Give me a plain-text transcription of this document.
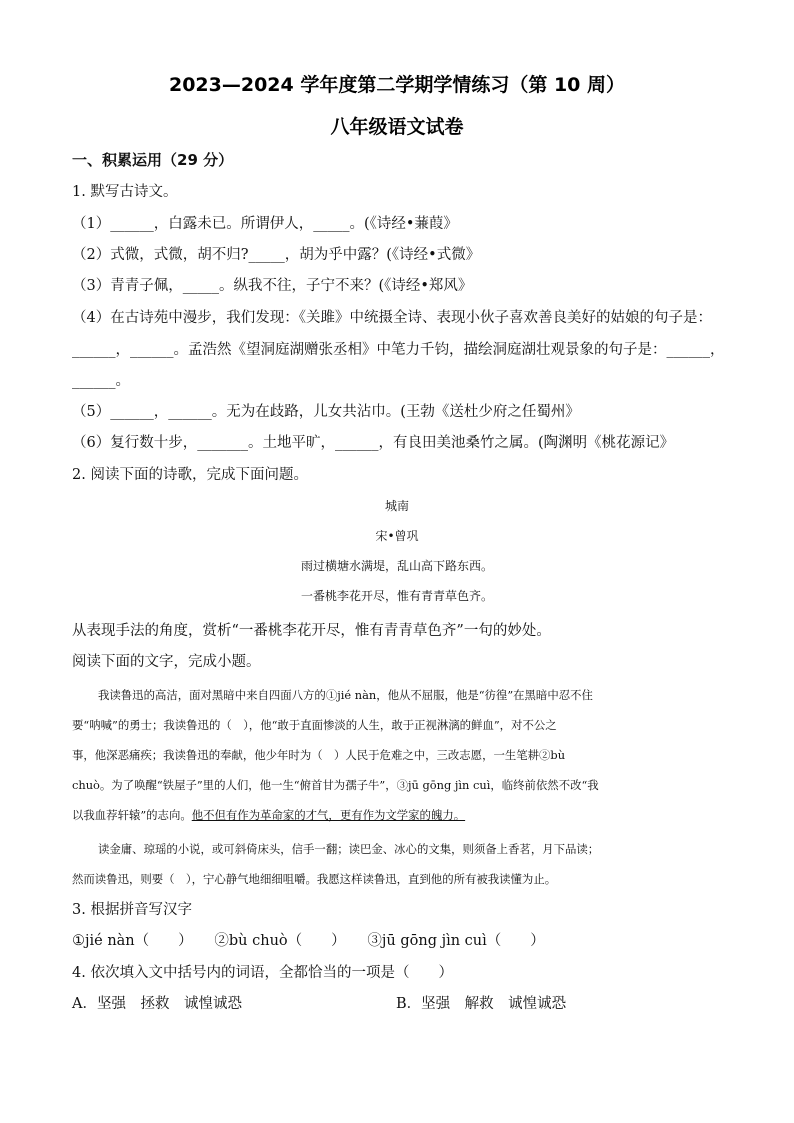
2023—2024 学年度第二学期学情练习（第 10 周）
八年级语文试卷
一、积累运用（29 分）
1. 默写古诗文。
（1）______，白露未已。所谓伊人，_____。(《诗经•蒹葭》
（2）式微，式微，胡不归?_____，胡为乎中露？(《诗经•式微》
（3）青青子佩，_____。纵我不往，子宁不来？(《诗经•郑风》
（4）在古诗苑中漫步，我们发现：《关雎》中统摄全诗、表现小伙子喜欢善良美好的姑娘的句子是：
______，______。孟浩然《望洞庭湖赠张丞相》中笔力千钧，描绘洞庭湖壮观景象的句子是：______，
______。
（5）______，______。无为在歧路，儿女共沾巾。(王勃《送杜少府之任蜀州》
（6）复行数十步，_______。土地平旷，______，有良田美池桑竹之属。(陶渊明《桃花源记》
2. 阅读下面的诗歌，完成下面问题。
城南
宋•曾巩
雨过横塘水满堤，乱山高下路东西。
一番桃李花开尽，惟有青青草色齐。
从表现手法的角度，赏析“一番桃李花开尽，惟有青青草色齐”一句的妙处。
阅读下面的文字，完成小题。
我读鲁迅的高洁，面对黑暗中来自四面八方的①jié nàn，他从不屈服，他是“彷徨”在黑暗中忍不住
要“呐喊”的勇士；我读鲁迅的（　），他“敢于直面惨淡的人生，敢于正视淋漓的鲜血”，对不公之
事，他深恶痛疾；我读鲁迅的奉献，他少年时为（　）人民于危难之中，三改志愿，一生笔耕②bù
chuò。为了唤醒“铁屋子”里的人们，他一生“俯首甘为孺子牛”，③jū gōng jìn cuì，临终前依然不改“我
以我血荐轩辕”的志向。他不但有作为革命家的才气，更有作为文学家的魄力。
读金庸、琼瑶的小说，或可斜倚床头，信手一翻；读巴金、冰心的文集，则须备上香茗，月下品读；
然而读鲁迅，则要（　），宁心静气地细细咀嚼。我愿这样读鲁迅，直到他的所有被我读懂为止。
3. 根据拼音写汉字
①jié nàn（　　）　　②bù chuò（　　）　　③jū gōng jìn cuì（　　）
4. 依次填入文中括号内的词语，全都恰当的一项是（　　）
A．坚强　拯救　诚惶诚恐	B．坚强　解救　诚惶诚恐
